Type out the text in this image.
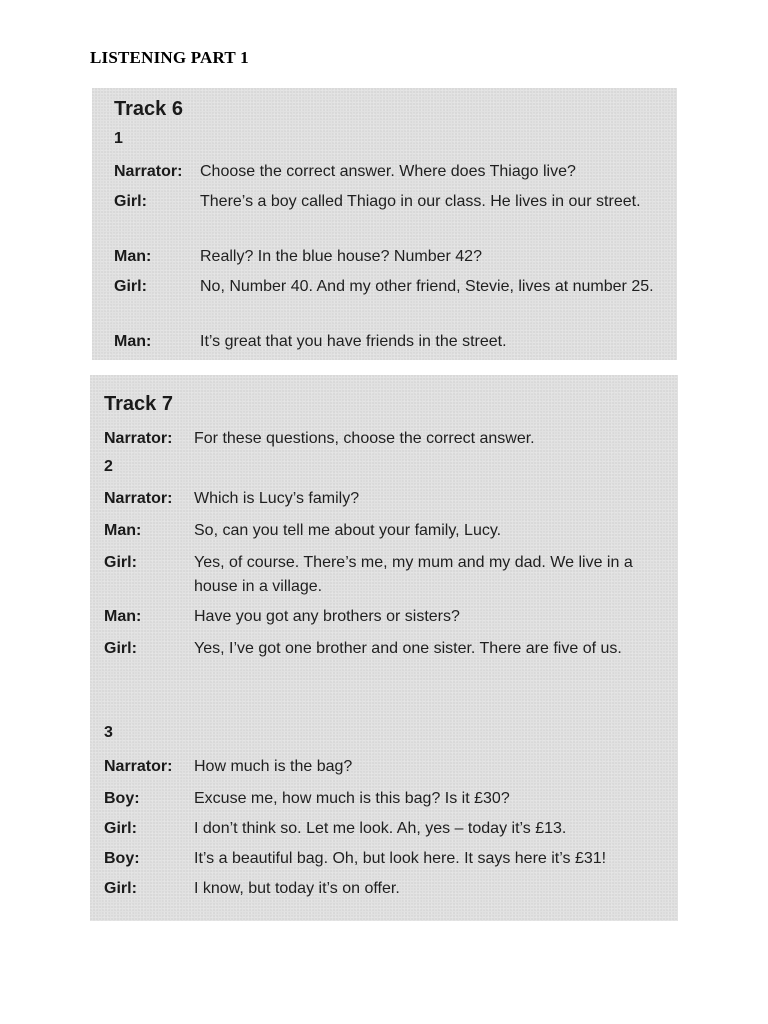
LISTENING PART 1
Track 6
1
Narrator:	Choose the correct answer. Where does Thiago live?
Girl:	There’s a boy called Thiago in our class. He lives in our street.
Man:	Really? In the blue house? Number 42?
Girl:	No, Number 40. And my other friend, Stevie, lives at number 25.
Man:	It’s great that you have friends in the street.
Track 7
Narrator:	For these questions, choose the correct answer.
2
Narrator:	Which is Lucy’s family?
Man:	So, can you tell me about your family, Lucy.
Girl:	Yes, of course. There’s me, my mum and my dad. We live in a house in a village.
Man:	Have you got any brothers or sisters?
Girl:	Yes, I’ve got one brother and one sister. There are five of us.
3
Narrator:	How much is the bag?
Boy:	Excuse me, how much is this bag? Is it £30?
Girl:	I don’t think so. Let me look. Ah, yes – today it’s £13.
Boy:	It’s a beautiful bag. Oh, but look here. It says here it’s £31!
Girl:	I know, but today it’s on offer.
